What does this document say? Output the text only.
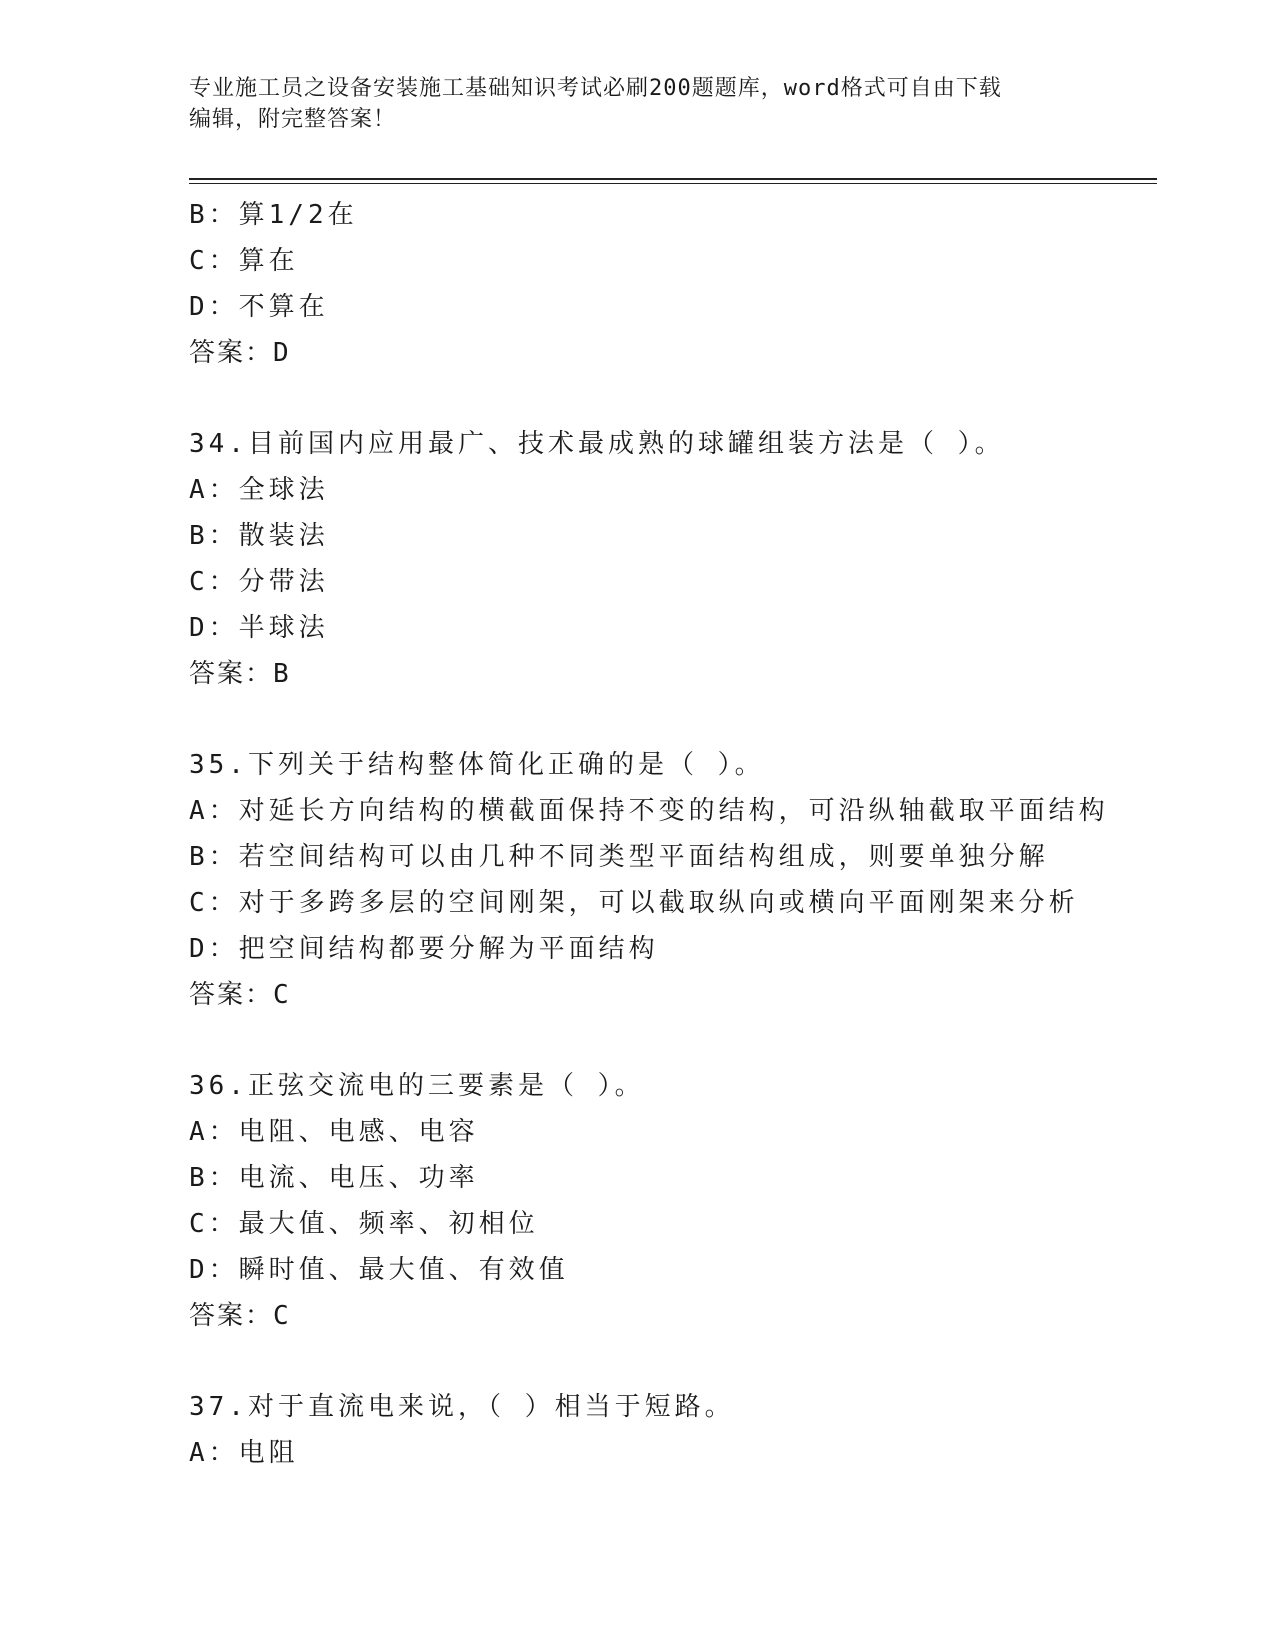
专业施工员之设备安装施工基础知识考试必刷200题题库，word格式可自由下载
编辑，附完整答案！
B：算1/2在
C：算在
D：不算在
答案：D
34.目前国内应用最广、技术最成熟的球罐组装方法是（ ）。
A：全球法
B：散装法
C：分带法
D：半球法
答案：B
35.下列关于结构整体简化正确的是（ ）。
A：对延长方向结构的横截面保持不变的结构，可沿纵轴截取平面结构
B：若空间结构可以由几种不同类型平面结构组成，则要单独分解
C：对于多跨多层的空间刚架，可以截取纵向或横向平面刚架来分析
D：把空间结构都要分解为平面结构
答案：C
36.正弦交流电的三要素是（ ）。
A：电阻、电感、电容
B：电流、电压、功率
C：最大值、频率、初相位
D：瞬时值、最大值、有效值
答案：C
37.对于直流电来说，（ ）相当于短路。
A：电阻
